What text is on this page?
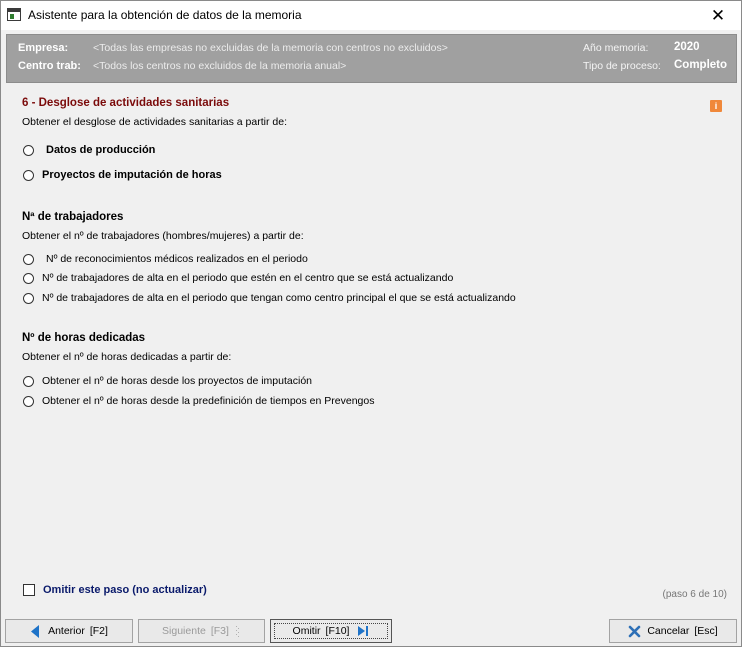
Asistente para la obtención de datos de la memoria	✕
Empresa: <Todas las empresas no excluidas de la memoria con centros no excluidos>
Centro trab: <Todos los centros no excluidos de la memoria anual>
Año memoria: 2020
Tipo de proceso: Completo
6 - Desglose de actividades sanitarias	i
Obtener el desglose de actividades sanitarias a partir de:
Datos de producción
Proyectos de imputación de horas
Nª de trabajadores
Obtener el nº de trabajadores (hombres/mujeres) a partir de:
Nº de reconocimientos médicos realizados en el periodo
Nº de trabajadores de alta en el periodo que estén en el centro que se está actualizando
Nº de trabajadores de alta en el periodo que tengan como centro principal el que se está actualizando
Nº de horas dedicadas
Obtener el nº de horas dedicadas a partir de:
Obtener el nº de horas desde los proyectos de imputación
Obtener el nº de horas desde la predefinición de tiempos en Prevengos
Omitir este paso (no actualizar)	(paso 6 de 10)
Anterior [F2]	Siguiente [F3]	Omitir [F10]	Cancelar [Esc]
